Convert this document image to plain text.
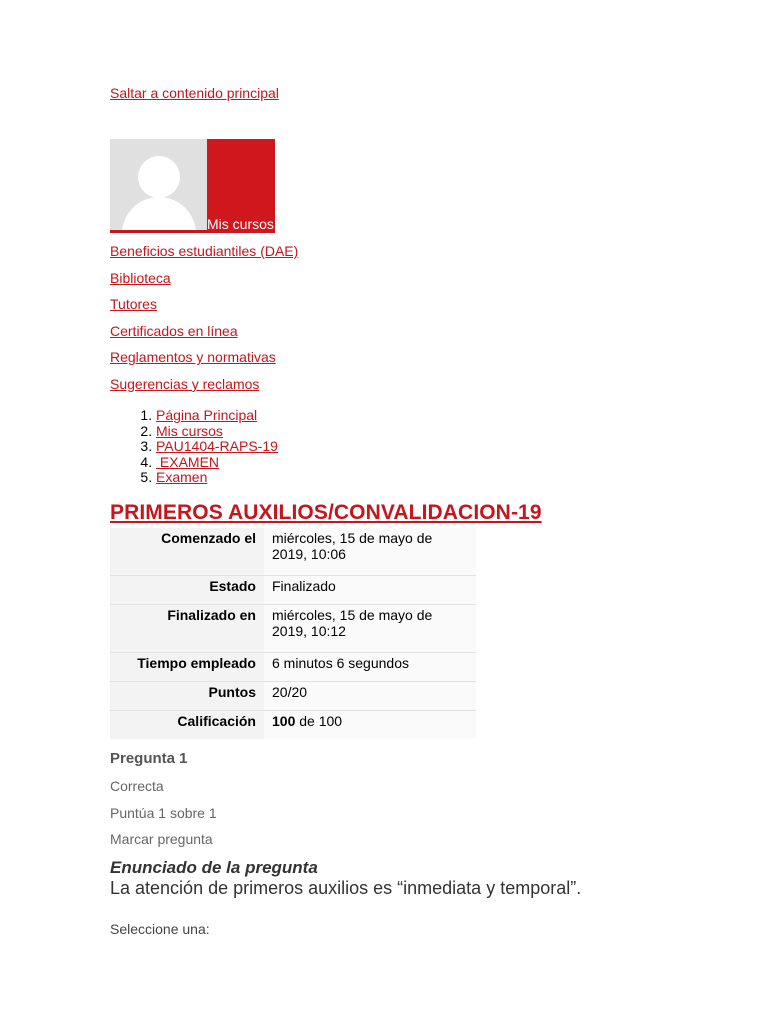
Saltar a contenido principal
Mis cursos
Beneficios estudiantiles (DAE)
Biblioteca
Tutores
Certificados en línea
Reglamentos y normativas
Sugerencias y reclamos
1. Página Principal
2. Mis cursos
3. PAU1404-RAPS-19
4.  EXAMEN
5. Examen
PRIMEROS AUXILIOS/CONVALIDACION-19
Comenzado el	miércoles, 15 de mayo de 2019, 10:06
Estado	Finalizado
Finalizado en	miércoles, 15 de mayo de 2019, 10:12
Tiempo empleado	6 minutos 6 segundos
Puntos	20/20
Calificación	100 de 100
Pregunta 1
Correcta
Puntúa 1 sobre 1
Marcar pregunta
Enunciado de la pregunta
La atención de primeros auxilios es “inmediata y temporal”.
Seleccione una:
